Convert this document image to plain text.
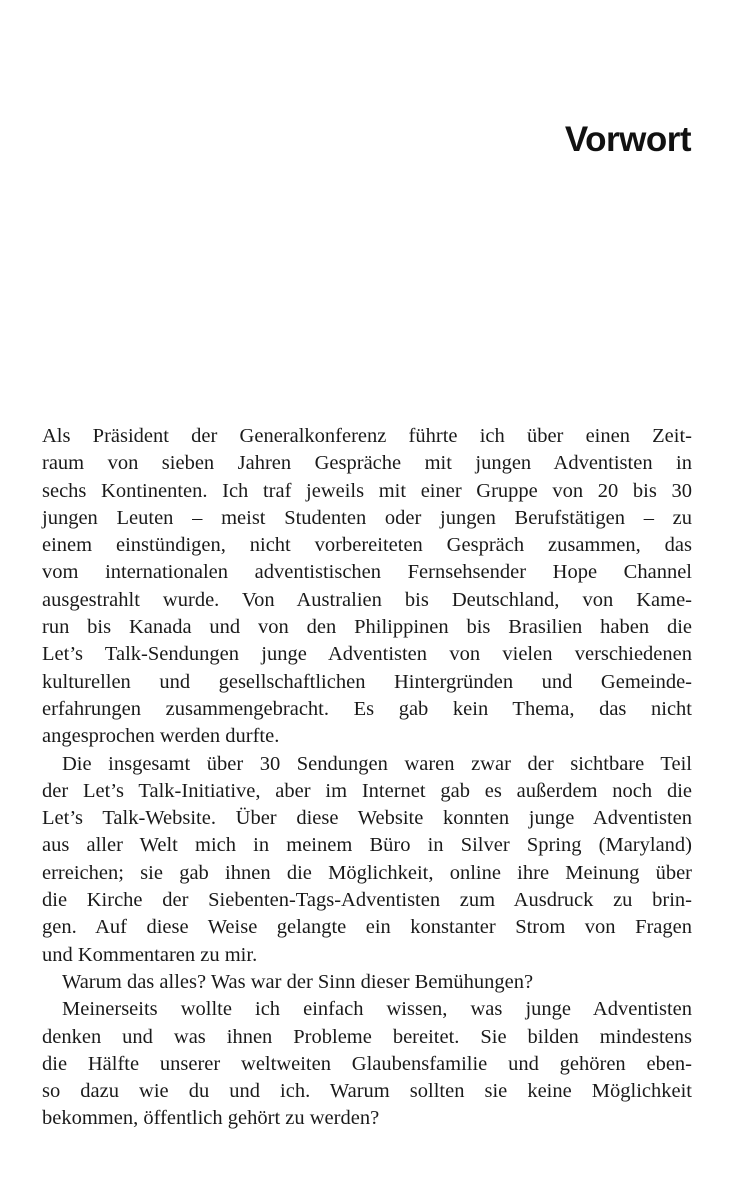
Vorwort

Als Präsident der Generalkonferenz führte ich über einen Zeit-
raum von sieben Jahren Gespräche mit jungen Adventisten in
sechs Kontinenten. Ich traf jeweils mit einer Gruppe von 20 bis 30
jungen Leuten – meist Studenten oder jungen Berufstätigen – zu
einem einstündigen, nicht vorbereiteten Gespräch zusammen, das
vom internationalen adventistischen Fernsehsender Hope Channel
ausgestrahlt wurde. Von Australien bis Deutschland, von Kame-
run bis Kanada und von den Philippinen bis Brasilien haben die
Let’s Talk-Sendungen junge Adventisten von vielen verschiedenen
kulturellen und gesellschaftlichen Hintergründen und Gemeinde-
erfahrungen zusammengebracht. Es gab kein Thema, das nicht
angesprochen werden durfte.

Die insgesamt über 30 Sendungen waren zwar der sichtbare Teil
der Let’s Talk-Initiative, aber im Internet gab es außerdem noch die
Let’s Talk-Website. Über diese Website konnten junge Adventisten
aus aller Welt mich in meinem Büro in Silver Spring (Maryland)
erreichen; sie gab ihnen die Möglichkeit, online ihre Meinung über
die Kirche der Siebenten-Tags-Adventisten zum Ausdruck zu brin-
gen. Auf diese Weise gelangte ein konstanter Strom von Fragen
und Kommentaren zu mir.

Warum das alles? Was war der Sinn dieser Bemühungen?

Meinerseits wollte ich einfach wissen, was junge Adventisten
denken und was ihnen Probleme bereitet. Sie bilden mindestens
die Hälfte unserer weltweiten Glaubensfamilie und gehören eben-
so dazu wie du und ich. Warum sollten sie keine Möglichkeit
bekommen, öffentlich gehört zu werden?
